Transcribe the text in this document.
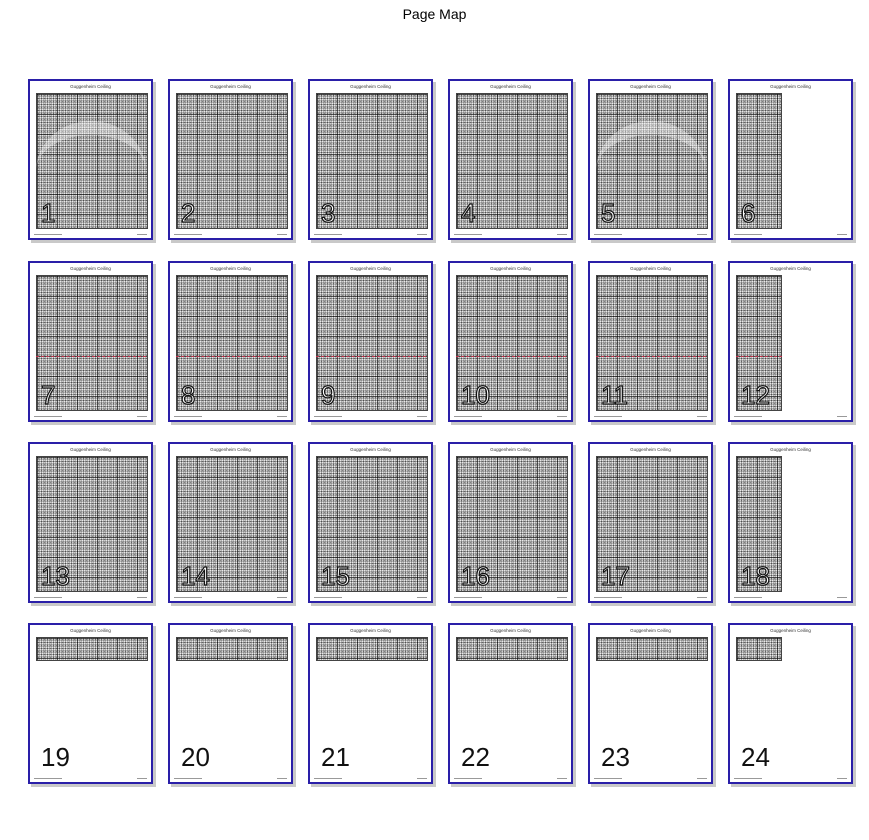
Page Map
Guggenheim Ceiling
1
Guggenheim Ceiling
2
Guggenheim Ceiling
3
Guggenheim Ceiling
4
Guggenheim Ceiling
5
Guggenheim Ceiling
6
Guggenheim Ceiling
7
Guggenheim Ceiling
8
Guggenheim Ceiling
9
Guggenheim Ceiling
10
Guggenheim Ceiling
11
Guggenheim Ceiling
12
Guggenheim Ceiling
13
Guggenheim Ceiling
14
Guggenheim Ceiling
15
Guggenheim Ceiling
16
Guggenheim Ceiling
17
Guggenheim Ceiling
18
Guggenheim Ceiling
19
Guggenheim Ceiling
20
Guggenheim Ceiling
21
Guggenheim Ceiling
22
Guggenheim Ceiling
23
Guggenheim Ceiling
24
